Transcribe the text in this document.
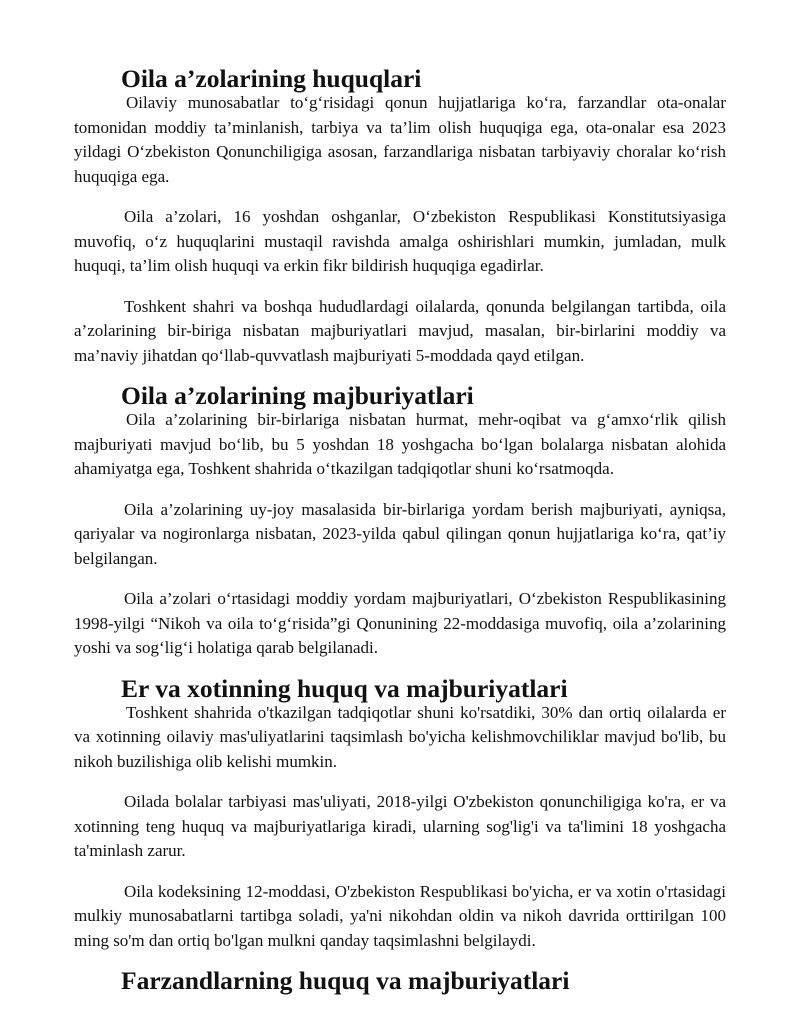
Oila a’zolarining huquqlari

Oilaviy munosabatlar to‘g‘risidagi qonun hujjatlariga ko‘ra, farzandlar ota-onalar tomonidan moddiy ta’minlanish, tarbiya va ta’lim olish huquqiga ega, ota-onalar esa 2023 yildagi O‘zbekiston Qonunchiligiga asosan, farzandlariga nisbatan tarbiyaviy choralar ko‘rish huquqiga ega.

Oila a’zolari, 16 yoshdan oshganlar, O‘zbekiston Respublikasi Konstitutsiyasiga muvofiq, o‘z huquqlarini mustaqil ravishda amalga oshirishlari mumkin, jumladan, mulk huquqi, ta’lim olish huquqi va erkin fikr bildirish huquqiga egadirlar.

Toshkent shahri va boshqa hududlardagi oilalarda, qonunda belgilangan tartibda, oila a’zolarining bir-biriga nisbatan majburiyatlari mavjud, masalan, bir-birlarini moddiy va ma’naviy jihatdan qo‘llab-quvvatlash majburiyati 5-moddada qayd etilgan.

Oila a’zolarining majburiyatlari

Oila a’zolarining bir-birlariga nisbatan hurmat, mehr-oqibat va g‘amxo‘rlik qilish majburiyati mavjud bo‘lib, bu 5 yoshdan 18 yoshgacha bo‘lgan bolalarga nisbatan alohida ahamiyatga ega, Toshkent shahrida o‘tkazilgan tadqiqotlar shuni ko‘rsatmoqda.

Oila a’zolarining uy-joy masalasida bir-birlariga yordam berish majburiyati, ayniqsa, qariyalar va nogironlarga nisbatan, 2023-yilda qabul qilingan qonun hujjatlariga ko‘ra, qat’iy belgilangan.

Oila a’zolari o‘rtasidagi moddiy yordam majburiyatlari, O‘zbekiston Respublikasining 1998-yilgi “Nikoh va oila to‘g‘risida”gi Qonunining 22-moddasiga muvofiq, oila a’zolarining yoshi va sog‘lig‘i holatiga qarab belgilanadi.

Er va xotinning huquq va majburiyatlari

Toshkent shahrida o'tkazilgan tadqiqotlar shuni ko'rsatdiki, 30% dan ortiq oilalarda er va xotinning oilaviy mas'uliyatlarini taqsimlash bo'yicha kelishmovchiliklar mavjud bo'lib, bu nikoh buzilishiga olib kelishi mumkin.

Oilada bolalar tarbiyasi mas'uliyati, 2018-yilgi O'zbekiston qonunchiligiga ko'ra, er va xotinning teng huquq va majburiyatlariga kiradi, ularning sog'lig'i va ta'limini 18 yoshgacha ta'minlash zarur.

Oila kodeksining 12-moddasi, O'zbekiston Respublikasi bo'yicha, er va xotin o'rtasidagi mulkiy munosabatlarni tartibga soladi, ya'ni nikohdan oldin va nikoh davrida orttirilgan 100 ming so'm dan ortiq bo'lgan mulkni qanday taqsimlashni belgilaydi.

Farzandlarning huquq va majburiyatlari
